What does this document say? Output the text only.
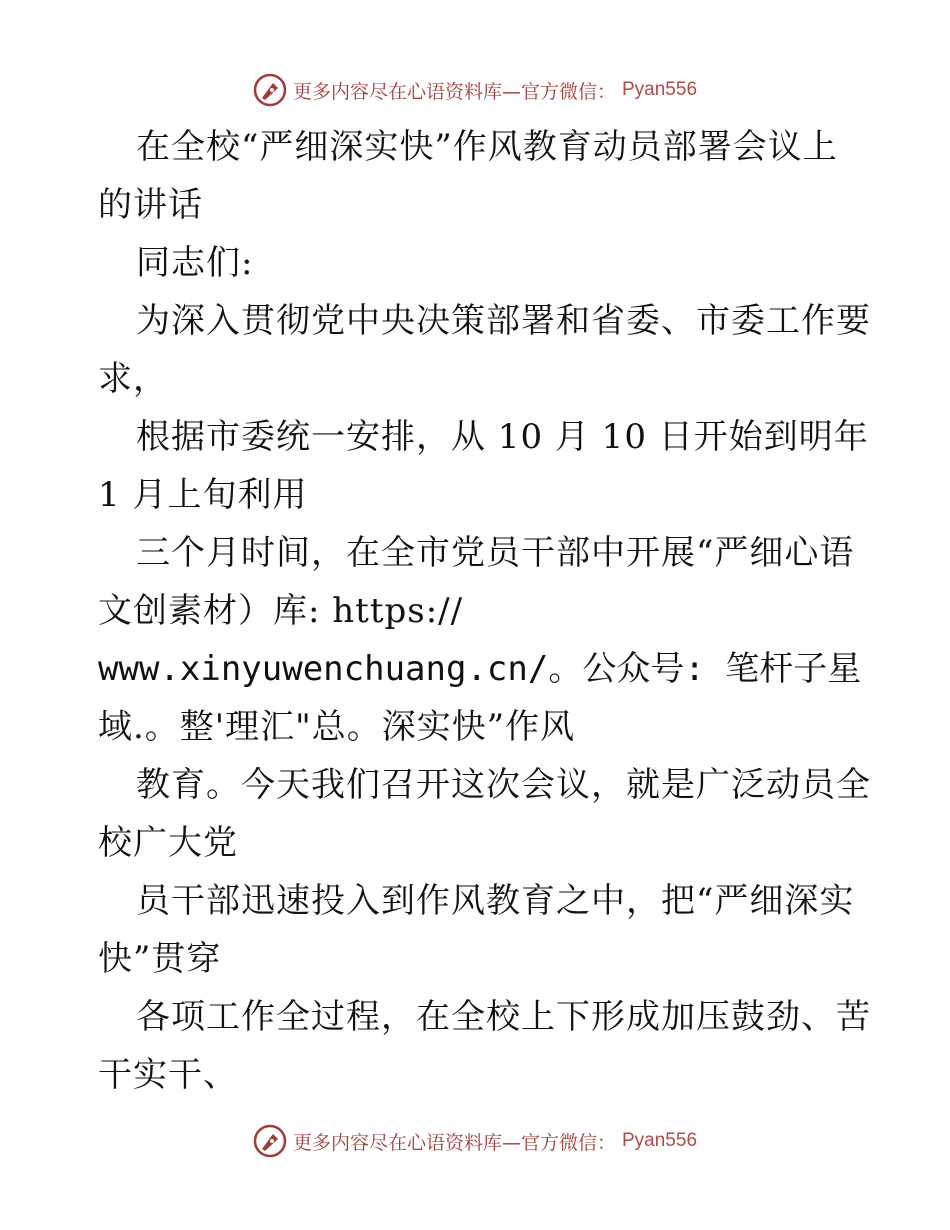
更多内容尽在心语资料库—官方微信： Pyan556
在全校“严细深实快”作风教育动员部署会议上
的讲话
同志们:
为深入贯彻党中央决策部署和省委、市委工作要
求，
根据市委统一安排，从 10 月 10 日开始到明年
1 月上旬利用
三个月时间，在全市党员干部中开展“严细心语
文创素材）库: https://
www.xinyuwenchuang.cn/。公众号: 笔杆子星
域.。整'理汇"总。深实快”作风
教育。今天我们召开这次会议，就是广泛动员全
校广大党
员干部迅速投入到作风教育之中，把“严细深实
快”贯穿
各项工作全过程，在全校上下形成加压鼓劲、苦
干实干、
更多内容尽在心语资料库—官方微信： Pyan556
